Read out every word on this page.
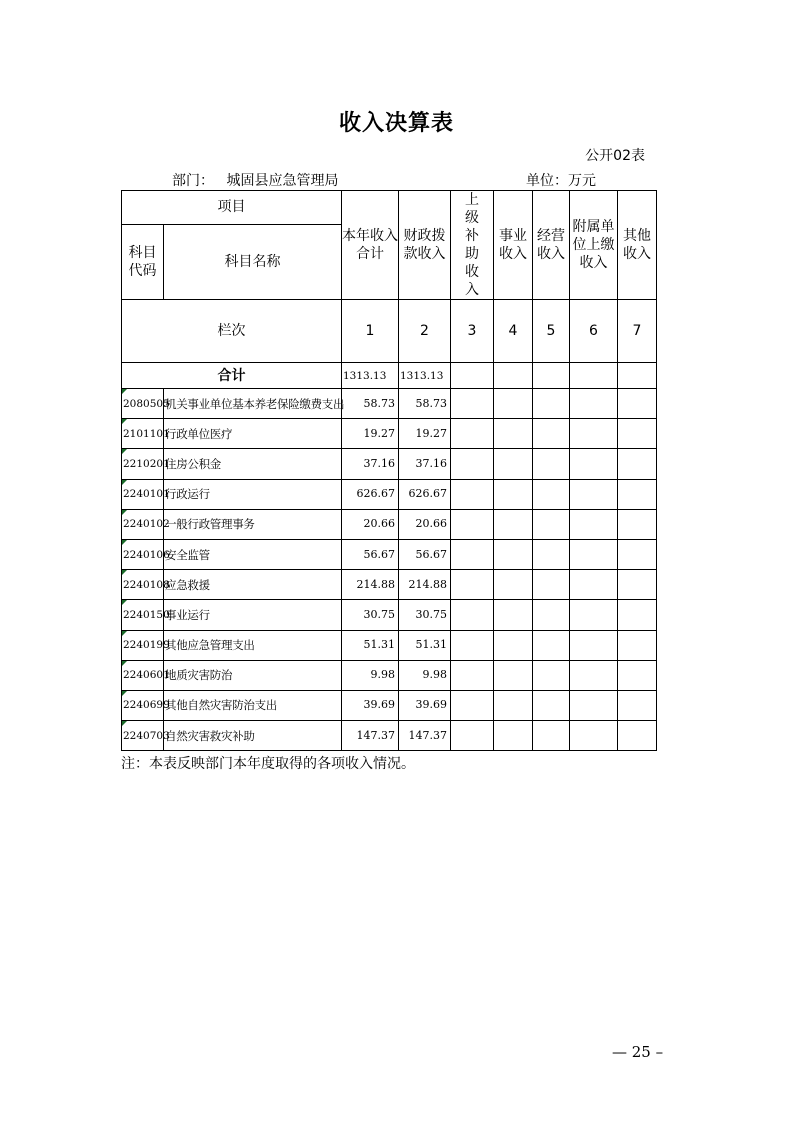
收入决算表
公开02表
部门： 城固县应急管理局	单位：万元
项目		本年收入合计	财政拨款收入	上级补助收入	事业收入	经营收入	附属单位上缴收入	其他收入
科目代码	科目名称							
栏次		1	2	3	4	5	6	7
合计		1313.13	1313.13					
2080505	机关事业单位基本养老保险缴费支出	58.73	58.73					
2101101	行政单位医疗	19.27	19.27					
2210201	住房公积金	37.16	37.16					
2240101	行政运行	626.67	626.67					
2240102	一般行政管理事务	20.66	20.66					
2240106	安全监管	56.67	56.67					
2240108	应急救援	214.88	214.88					
2240150	事业运行	30.75	30.75					
2240199	其他应急管理支出	51.31	51.31					
2240601	地质灾害防治	9.98	9.98					
2240699	其他自然灾害防治支出	39.69	39.69					
2240703	自然灾害救灾补助	147.37	147.37					
注：本表反映部门本年度取得的各项收入情况。
— 25 –
